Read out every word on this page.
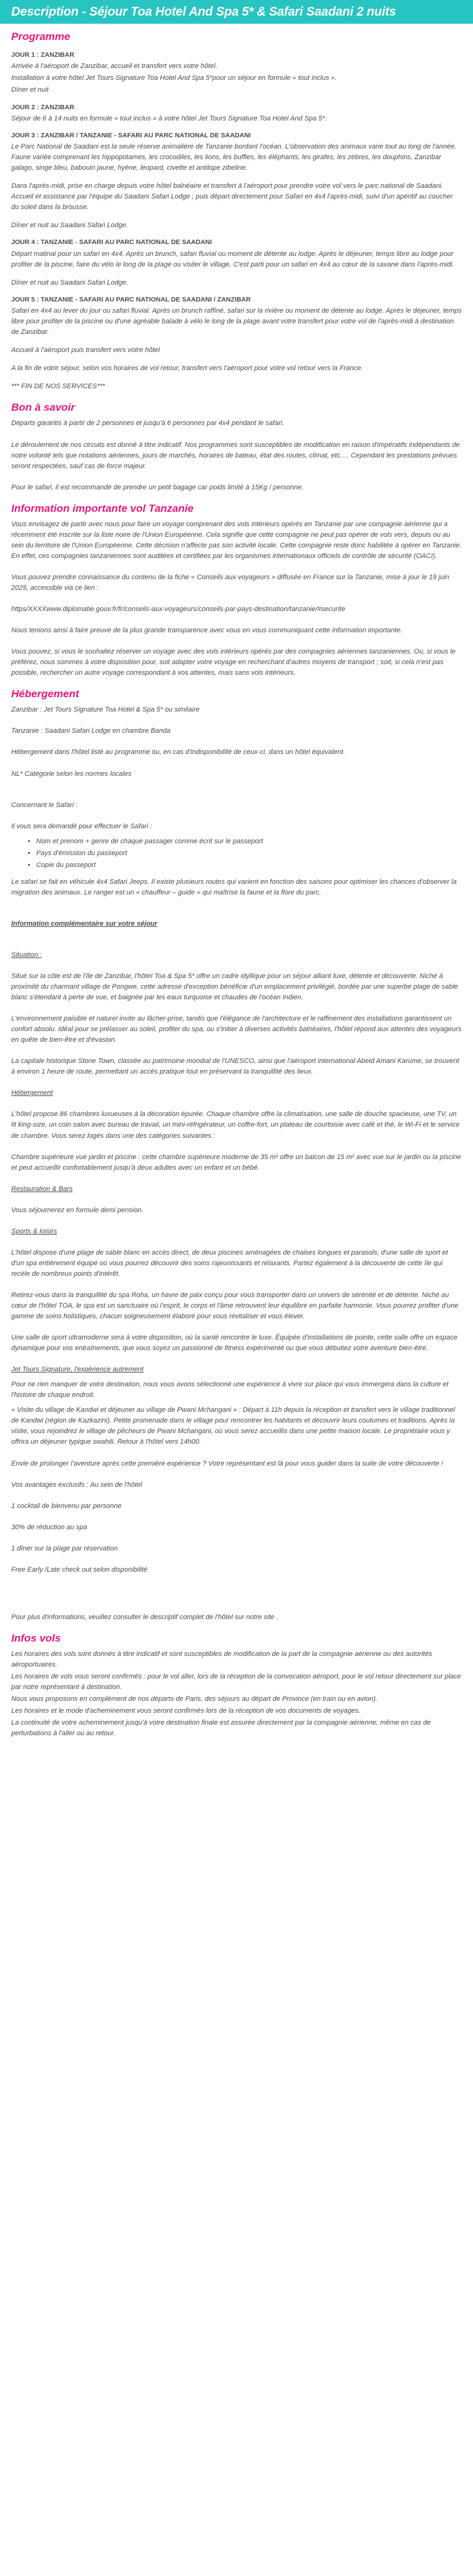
Description - Séjour Toa Hotel And Spa 5* & Safari Saadani 2 nuits
Programme
JOUR 1 : ZANZIBAR

Arrivée à l'aéroport de Zanzibar, accueil et transfert vers votre hôtel.

Installation à votre hôtel Jet Tours Signature Toa Hotel And Spa 5*pour un séjour en formule « tout inclus ».

Dîner et nuit

JOUR 2 : ZANZIBAR

Séjour de 6 à 14 nuits en formule « tout inclus » à votre hôtel Jet Tours Signature Toa Hotel And Spa 5*.

JOUR 3 : ZANZIBAR / TANZANIE - SAFARI AU PARC NATIONAL DE SAADANI

Le Parc National de Saadani est la seule réserve animalière de Tanzanie bordant l'océan. L'observation des animaux varie tout au long de l'année. Faune variée comprenant les hippopotames, les crocodiles, les lions, les buffles, les éléphants, les girafes, les zèbres, les douphins, Zanzibar galago, singe bleu, babouin jaune, hyène, léopard, civette et antilope zibeline.

Dans l'après-midi, prise en charge depuis votre hôtel balnéaire et transfert à l'aéroport pour prendre votre vol vers le parc national de Saadani. Accueil et assistance par l'équipe du Saadani Safari Lodge ; puis départ directement pour Safari en 4x4 l'après-midi, suivi d'un apéritif au coucher du soleil dans la brousse.

Dîner et nuit au Saadani Safari Lodge.

JOUR 4 : TANZANIE - SAFARI AU PARC NATIONAL DE SAADANI

Départ matinal pour un safari en 4x4. Après un brunch, safari fluvial ou moment de détente au lodge. Après le déjeuner, temps libre au lodge pour profiter de la piscine, faire du vélo le long de la plage ou visiter le village. C'est parti pour un safari en 4x4 au cœur de la savane dans l'après-midi.

Dîner et nuit au Saadani Safari Lodge.

JOUR 5 : TANZANIE - SAFARI AU PARC NATIONAL DE SAADANI / ZANZIBAR

Safari en 4x4 au lever du jour ou safari fluvial. Après un brunch raffiné, safari sur la rivière ou moment de détente au lodge. Après le déjeuner, temps libre pour profiter de la piscine ou d'une agréable balade à vélo le long de la plage avant votre transfert pour votre vol de l'après-midi à destination de Zanzibar.

Accueil à l'aéroport puis transfert vers votre hôtel

A la fin de votre séjour, selon vos horaires de vol retour, transfert vers l'aéroport pour votre vol retour vers la France.

*** FIN DE NOS SERVICES***

Bon à savoir

Départs garantis à partir de 2 personnes et jusqu'à 6 personnes par 4x4 pendant le safari.

Le déroulement de nos circuits est donné à titre indicatif. Nos programmes sont susceptibles de modification en raison d'impératifs indépendants de notre volonté tels que notations aériennes, jours de marchés, horaires de bateau, état des routes, climat, etc.… Cependant les prestations prévues seront respectées, sauf cas de force majeur.

Pour le safari, il est recommandé de prendre un petit bagage car poids limité à 15Kg / personne.

Information importante vol Tanzanie

Vous envisagez de partir avec nous pour faire un voyage comprenant des vols intérieurs opérés en Tanzanie par une compagnie aérienne qui a récemment été inscrite sur la liste noire de l'Union Européenne. Cela signifie que cette compagnie ne peut pas opérer de vols vers, depuis ou au sein du territoire de l'Union Européenne. Cette décision n'affecte pas son activité locale. Cette compagnie reste donc habilitée à opérer en Tanzanie. En effet, ces compagnies tanzaniennes sont auditées et certifiées par les organismes internationaux officiels de contrôle de sécurité (OACI).

Vous pouvez prendre connaissance du contenu de la fiche « Conseils aux voyageurs » diffusée en France sur la Tanzanie, mise à jour le 19 juin 2025, accessible via ce lien :

https/XXXXwww.diplomatie.gouv.fr/fr/conseils-aux-voyageurs/conseils-par-pays-destination/tanzanie/#securite

Nous tenions ainsi à faire preuve de la plus grande transparence avec vous en vous communiquant cette information importante.

Vous pouvez, si vous le souhaitez réserver un voyage avec des vols intérieurs opérés par des compagnies aériennes tanzaniennes. Ou, si vous le préférez, nous sommes à votre disposition pour, soit adapter votre voyage en recherchant d'autres moyens de transport ; soit, si cela n'est pas possible, rechercher un autre voyage correspondant à vos attentes, mais sans vols intérieurs.

Hébergement

Zanzibar : Jet Tours Signature Toa Hotel & Spa 5* ou similaire

Tanzanie : Saadani Safari Lodge en chambre Banda

Hébergement dans l'hôtel listé au programme ou, en cas d'indisponibilité de ceux-ci, dans un hôtel équivalent.

NL* Catégorie selon les normes locales

Concernant le Safari :

Il vous sera demandé pour effectuer le Safari :

• Nom et prenom + genre de chaque passager comme écrit sur le passeport
• Pays d'émission du passeport
• Copie du passeport

Le safari se fait en véhicule 4x4 Safari Jeeps. Il existe plusieurs routes qui varient en fonction des saisons pour optimiser les chances d'observer la migration des animaux. Le ranger est un « chauffeur – guide » qui maîtrise la faune et la flore du parc.

Information complémentaire sur votre séjour

Situation :

Situé sur la côte est de l'île de Zanzibar, l'hôtel Toa & Spa 5* offre un cadre idyllique pour un séjour alliant luxe, détente et découverte. Niché à proximité du charmant village de Pongwe, cette adresse d'exception bénéficie d'un emplacement privilégié, bordée par une superbe plage de sable blanc s'étendant à perte de vue, et baignée par les eaux turquoise et chaudes de l'océan Indien.

L'environnement paisible et naturel invite au lâcher-prise, tandis que l'élégance de l'architecture et le raffinement des installations garantissent un confort absolu. Idéal pour se prélasser au soleil, profiter du spa, ou s'initier à diverses activités balnéaires, l'hôtel répond aux attentes des voyageurs en quête de bien-être et d'évasion.

La capitale historique Stone Town, classée au patrimoine mondial de l'UNESCO, ainsi que l'aéroport international Abeid Amani Karume, se trouvent à environ 1 heure de route, permettant un accès pratique tout en préservant la tranquillité des lieux.

Hébergement

L'hôtel propose 86 chambres luxueuses à la décoration épurée. Chaque chambre offre la climatisation, une salle de douche spacieuse, une TV, un lit king-size, un coin salon avec bureau de travail, un mini-réfrigérateur, un coffre-fort, un plateau de courtoisie avec café et thé, le Wi-Fi et le service de chambre. Vous serez logés dans une des catégories suivantes :

Chambre supérieure vue jardin et piscine : cette chambre supérieure moderne de 35 m² offre un balcon de 15 m² avec vue sur le jardin ou la piscine et peut accueillir confortablement jusqu'à deux adultes avec un enfant et un bébé.

Restauration & Bars

Vous séjournerez en formule demi pension.

Sports & loisirs

L'hôtel dispose d'une plage de sable blanc en accès direct, de deux piscines aménagées de chaises longues et parasols, d'une salle de sport et d'un spa entièrement équipé où vous pourrez découvrir des soins rajeunissants et relaxants. Partez également à la découverte de cette île qui recèle de nombreux points d'intérêt.

Retirez-vous dans la tranquillité du spa Roha, un havre de paix conçu pour vous transporter dans un univers de sérénité et de détente. Niché au cœur de l'hôtel TOA, le spa est un sanctuaire où l'esprit, le corps et l'âme retrouvent leur équilibre en parfaite harmonie. Vous pourrez profiter d'une gamme de soins holistiques, chacun soigneusement élaboré pour vous revitaliser et vous élever.

Une salle de sport ultramoderne sera à votre disposition, où la santé rencontre le luxe. Équipée d'installations de pointe, cette salle offre un espace dynamique pour vos entraînements, que vous soyez un passionné de fitness expérimenté ou que vous débutiez votre aventure bien-être.

Jet Tours Signature, l'expérience autrement

Pour ne rien manquer de votre destination, nous vous avons sélectionné une expérience à vivre sur place qui vous immergera dans la culture et l'histoire de chaque endroit.

« Visite du village de Kandwi et déjeuner au village de Pwani Mchangani » : Départ à 11h depuis la réception et transfert vers le village traditionnel de Kandwi (région de Kazkazini). Petite promenade dans le village pour rencontrer les habitants et découvrir leurs coutumes et traditions. Après la visite, vous rejoindrez le village de pêcheurs de Pwani Mchangani, où vous serez accueillis dans une petite maison locale. Le propriétaire vous y offrira un déjeuner typique swahili. Retour à l'hôtel vers 14h00.

Envie de prolonger l'aventure après cette première expérience ? Votre représentant est là pour vous guider dans la suite de votre découverte !

Vos avantages exclusifs : Au sein de l'hôtel

1 cocktail de bienvenu par personne

30% de réduction au spa

1 dîner sur la plage par réservation

Free Early /Late check out selon disponibilité

Pour plus d'informations, veuillez consulter le descriptif complet de l'hôtel sur notre site .

Infos vols

Les horaires des vols sont donnés à titre indicatif et sont susceptibles de modification de la part de la compagnie aérienne ou des autorités aéroportuaires.

Les horaires de vols vous seront confirmés : pour le vol aller, lors de la réception de la convocation aéroport, pour le vol retour directement sur place par notre représentant à destination.

Nous vous proposons en complément de nos départs de Paris, des séjours au départ de Province (en train ou en avion).

Les horaires et le mode d'acheminement vous seront confirmés lors de la réception de vos documents de voyages.

La continuité de votre acheminement jusqu'à votre destination finale est assurée directement par la compagnie aérienne, même en cas de perturbations à l'aller ou au retour.
